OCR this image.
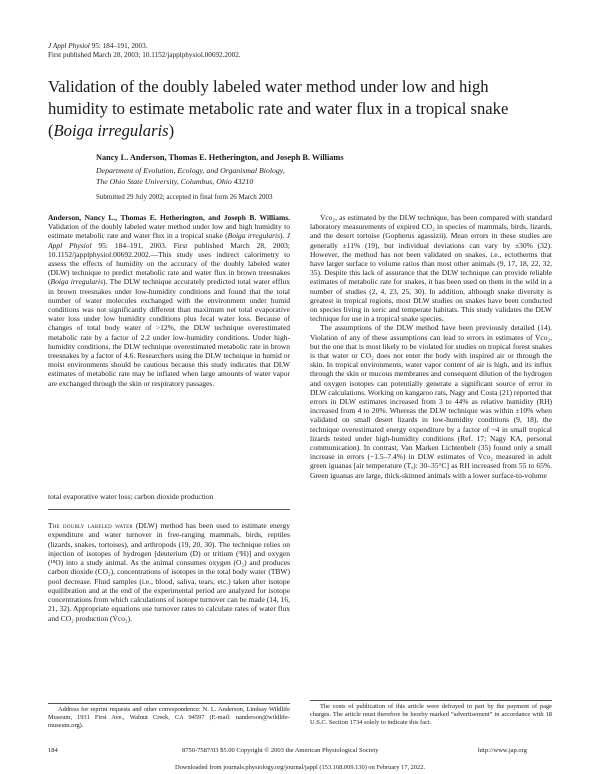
J Appl Physiol 95: 184–191, 2003.
First published March 28, 2003; 10.1152/japplphysiol.00692.2002.
Validation of the doubly labeled water method under low and high humidity to estimate metabolic rate and water flux in a tropical snake (Boiga irregularis)
Nancy L. Anderson, Thomas E. Hetherington, and Joseph B. Williams
Department of Evolution, Ecology, and Organismal Biology,
The Ohio State University, Columbus, Ohio 43210
Submitted 29 July 2002; accepted in final form 26 March 2003
Anderson, Nancy L., Thomas E. Hetherington, and Joseph B. Williams. Validation of the doubly labeled water method under low and high humidity to estimate metabolic rate and water flux in a tropical snake (Boiga irregularis). J Appl Physiol 95: 184–191, 2003. First published March 28, 2003; 10.1152/japplphysiol.00692.2002.—This study uses indirect calorimetry to assess the effects of humidity on the accuracy of the doubly labeled water (DLW) technique to predict metabolic rate and water flux in brown treesnakes (Boiga irregularis). The DLW technique accurately predicted total water efflux in brown treesnakes under low-humidity conditions and found that the total number of water molecules exchanged with the environment under humid conditions was not significantly different than maximum net total evaporative water loss under low humidity conditions plus fecal water loss. Because of changes of total body water of >12%, the DLW technique overestimated metabolic rate by a factor of 2.2 under low-humidity conditions. Under high-humidity conditions, the DLW technique overestimated metabolic rate in brown treesnakes by a factor of 4.6. Researchers using the DLW technique in humid or moist environments should be cautious because this study indicates that DLW estimates of metabolic rate may be inflated when large amounts of water vapor are exchanged through the skin or respiratory passages.
total evaporative water loss; carbon dioxide production
The doubly labeled water (DLW) method has been used to estimate energy expenditure and water turnover in free-ranging mammals, birds, reptiles (lizards, snakes, tortoises), and arthropods (19, 20, 30). The technique relies on injection of isotopes of hydrogen [deuterium (D) or tritium (³H)] and oxygen (¹⁸O) into a study animal. As the animal consumes oxygen (O₂) and produces carbon dioxide (CO₂), concentrations of isotopes in the total body water (TBW) pool decrease. Fluid samples (i.e., blood, saliva, tears, etc.) taken after isotope equilibration and at the end of the experimental period are analyzed for isotope concentrations from which calculations of isotope turnover can be made (14, 16, 21, 32). Appropriate equations use turnover rates to calculate rates of water flux and CO₂ production (V̇co₂).

V̇co₂, as estimated by the DLW technique, has been compared with standard laboratory measurements of expired CO₂ in species of mammals, birds, lizards, and the desert tortoise (Gopherus agassizii). Mean errors in these studies are generally ±11% (19), but individual deviations can vary by ±30% (32). However, the method has not been validated on snakes, i.e., ectotherms that have larger surface to volume ratios than most other animals (9, 17, 18, 22, 32, 35). Despite this lack of assurance that the DLW technique can provide reliable estimates of metabolic rate for snakes, it has been used on them in the wild in a number of studies (2, 4, 23, 25, 30). In addition, although snake diversity is greatest in tropical regions, most DLW studies on snakes have been conducted on species living in xeric and temperate habitats. This study validates the DLW technique for use in a tropical snake species.

The assumptions of the DLW method have been previously detailed (14). Violation of any of these assumptions can lead to errors in estimates of V̇co₂, but the one that is most likely to be violated for studies on tropical forest snakes is that water or CO₂ does not enter the body with inspired air or through the skin. In tropical environments, water vapor content of air is high, and its influx through the skin or mucous membranes and consequent dilution of the hydrogen and oxygen isotopes can potentially generate a significant source of error in DLW calculations. Working on kangaroo rats, Nagy and Costa (21) reported that errors in DLW estimates increased from 3 to 44% as relative humidity (RH) increased from 4 to 20%. Whereas the DLW technique was within ±10% when validated on small desert lizards in low-humidity conditions (9, 18), the technique overestimated energy expenditure by a factor of ~4 in small tropical lizards tested under high-humidity conditions (Ref. 17; Nagy KA, personal communication). In contrast, Van Marken Lichtenbelt (35) found only a small increase in errors (−1.5–7.4%) in DLW estimates of V̇co₂ measured in adult green iguanas [air temperature (Tₐ): 30–35°C] as RH increased from 55 to 65%. Green iguanas are large, thick-skinned animals with a lower surface-to-volume

Address for reprint requests and other correspondence: N. L. Anderson, Lindsay Wildlife Museum, 1931 First Ave., Walnut Creek, CA 94597 (E-mail: nanderson@wildlife-museum.org).
The costs of publication of this article were defrayed in part by the payment of page charges. The article must therefore be hereby marked “advertisement” in accordance with 18 U.S.C. Section 1734 solely to indicate this fact.
184	8750-7587/03 $5.00 Copyright © 2003 the American Physiological Society	http://www.jap.org
Downloaded from journals.physiology.org/journal/jappl (153.168.009.130) on February 17, 2022.
